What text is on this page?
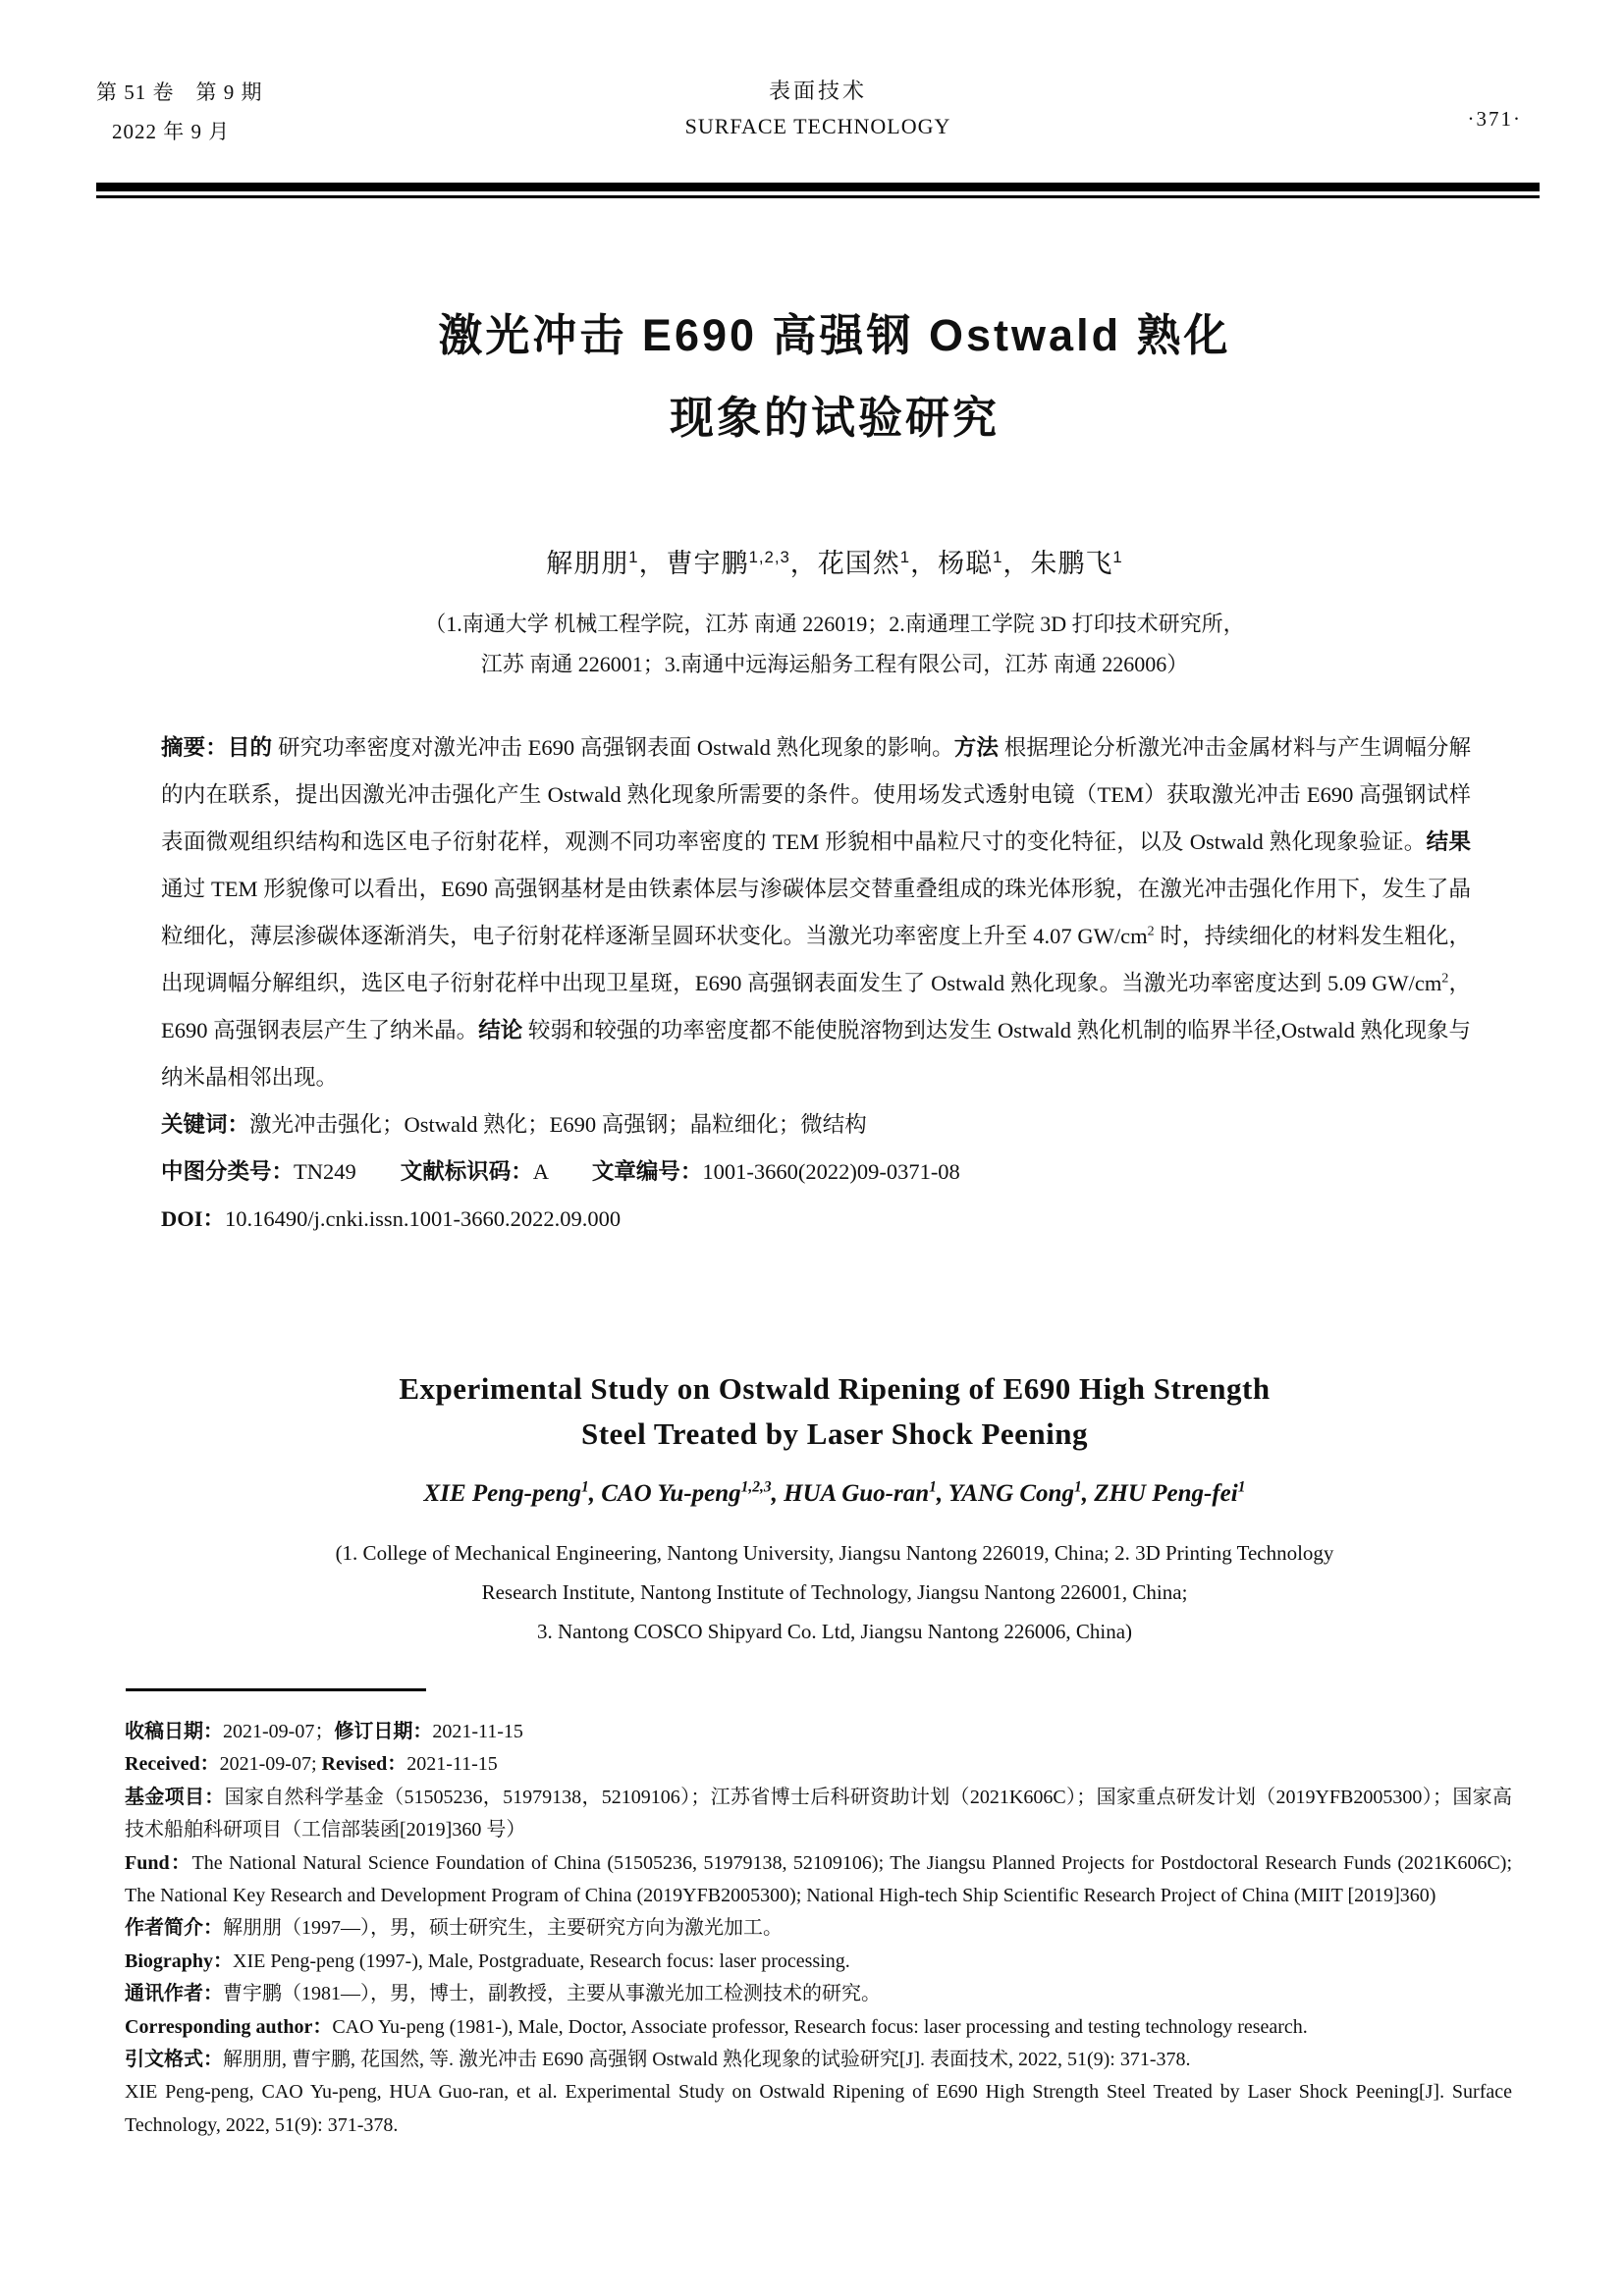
第 51 卷　第 9 期
2022 年 9 月
表面技术
SURFACE TECHNOLOGY	·371·
激光冲击 E690 高强钢 Ostwald 熟化
现象的试验研究
解朋朋$^1$，曹宇鹏$^{1,2,3}$，花国然$^1$，杨聪$^1$，朱鹏飞$^1$
（1.南通大学 机械工程学院，江苏 南通 226019；2.南通理工学院 3D 打印技术研究所，
江苏 南通 226001；3.南通中远海运船务工程有限公司，江苏 南通 226006）

摘要：目的 研究功率密度对激光冲击 E690 高强钢表面 Ostwald 熟化现象的影响。方法 根据理论分析激光冲击金属材料与产生调幅分解的内在联系，提出因激光冲击强化产生 Ostwald 熟化现象所需要的条件。使用场发式透射电镜（TEM）获取激光冲击 E690 高强钢试样表面微观组织结构和选区电子衍射花样，观测不同功率密度的 TEM 形貌相中晶粒尺寸的变化特征，以及 Ostwald 熟化现象验证。结果 通过 TEM 形貌像可以看出，E690 高强钢基材是由铁素体层与渗碳体层交替重叠组成的珠光体形貌，在激光冲击强化作用下，发生了晶粒细化，薄层渗碳体逐渐消失，电子衍射花样逐渐呈圆环状变化。当激光功率密度上升至 4.07 $GW/cm^2$ 时，持续细化的材料发生粗化，出现调幅分解组织，选区电子衍射花样中出现卫星斑，E690 高强钢表面发生了 Ostwald 熟化现象。当激光功率密度达到 5.09 $GW/cm^2$，E690 高强钢表层产生了纳米晶。结论 较弱和较强的功率密度都不能使脱溶物到达发生 Ostwald 熟化机制的临界半径,Ostwald 熟化现象与纳米晶相邻出现。

关键词：激光冲击强化；Ostwald 熟化；E690 高强钢；晶粒细化；微结构

中图分类号：TN249　　 文献标识码：A　　 文章编号：1001-3660(2022)09-0371-08

DOI：10.16490/j.cnki.issn.1001-3660.2022.09.000

Experimental Study on Ostwald Ripening of E690 High Strength
Steel Treated by Laser Shock Peening
XIE Peng-peng$^1$, CAO Yu-peng$^{1,2,3}$, HUA Guo-ran$^1$, YANG Cong$^1$, ZHU Peng-fei$^1$
(1. College of Mechanical Engineering, Nantong University, Jiangsu Nantong 226019, China; 2. 3D Printing Technology
Research Institute, Nantong Institute of Technology, Jiangsu Nantong 226001, China;
3. Nantong COSCO Shipyard Co. Ltd, Jiangsu Nantong 226006, China)

收稿日期：2021-09-07；修订日期：2021-11-15

Received：2021-09-07; Revised：2021-11-15

基金项目：国家自然科学基金（51505236，51979138，52109106）；江苏省博士后科研资助计划（2021K606C）；国家重点研发计划（2019YFB2005300）；国家高技术船舶科研项目（工信部装函[2019]360 号）

Fund：The National Natural Science Foundation of China (51505236, 51979138, 52109106); The Jiangsu Planned Projects for Postdoctoral Research Funds (2021K606C); The National Key Research and Development Program of China (2019YFB2005300); National High-tech Ship Scientific Research Project of China (MIIT [2019]360)

作者简介：解朋朋（1997—），男，硕士研究生，主要研究方向为激光加工。

Biography：XIE Peng-peng (1997-), Male, Postgraduate, Research focus: laser processing.

通讯作者：曹宇鹏（1981—），男，博士，副教授，主要从事激光加工检测技术的研究。

Corresponding author：CAO Yu-peng (1981-), Male, Doctor, Associate professor, Research focus: laser processing and testing technology research.

引文格式：解朋朋, 曹宇鹏, 花国然, 等. 激光冲击 E690 高强钢 Ostwald 熟化现象的试验研究[J]. 表面技术, 2022, 51(9): 371-378.

XIE Peng-peng, CAO Yu-peng, HUA Guo-ran, et al. Experimental Study on Ostwald Ripening of E690 High Strength Steel Treated by Laser Shock Peening[J]. Surface Technology, 2022, 51(9): 371-378.
